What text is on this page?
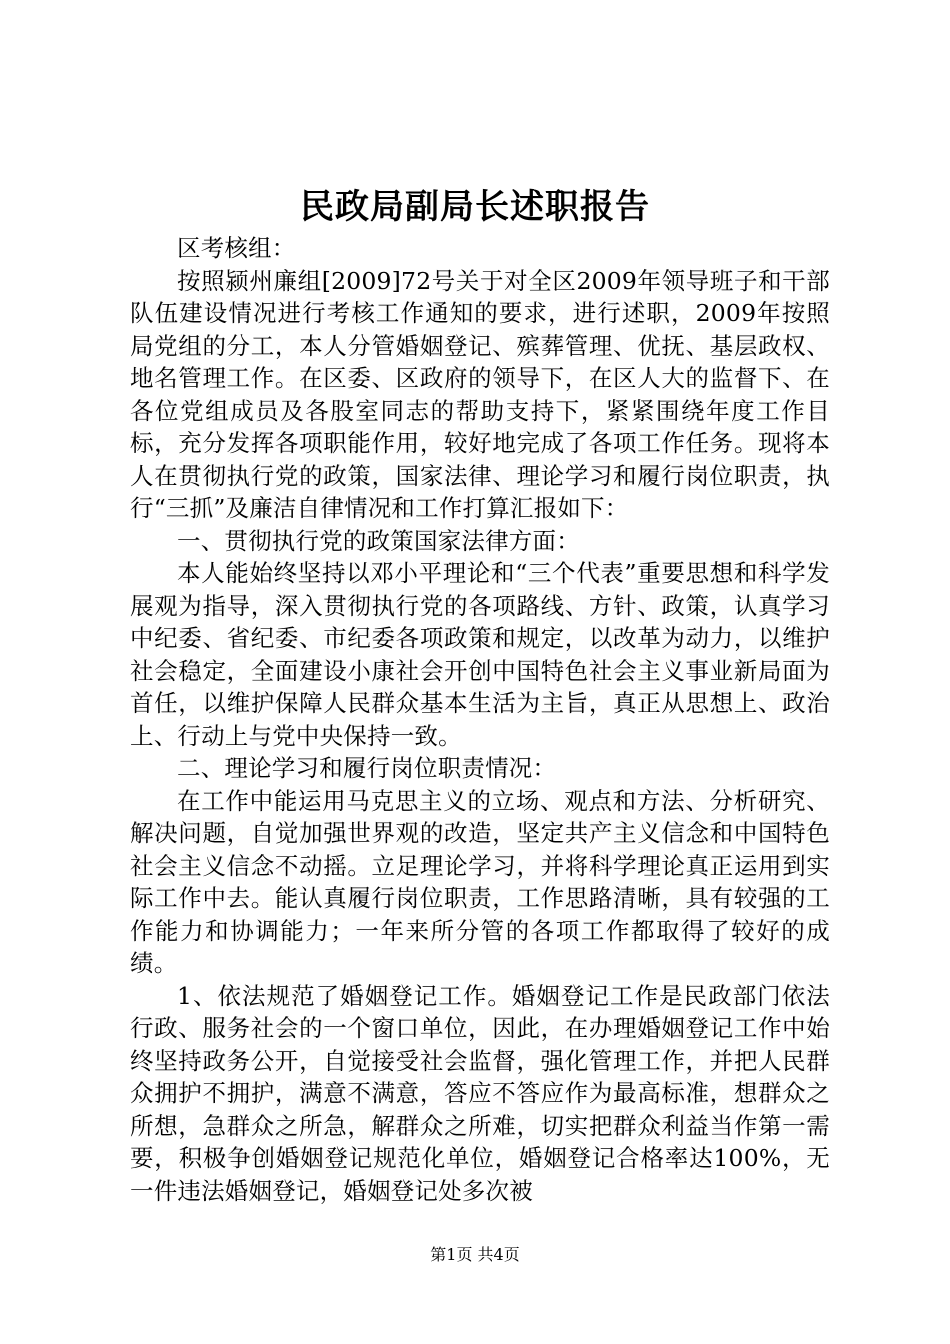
民政局副局长述职报告

区考核组：

按照颍州廉组[2009]72号关于对全区2009年领导班子和干部队伍建设情况进行考核工作通知的要求，进行述职，2009年按照局党组的分工，本人分管婚姻登记、殡葬管理、优抚、基层政权、地名管理工作。在区委、区政府的领导下，在区人大的监督下、在各位党组成员及各股室同志的帮助支持下，紧紧围绕年度工作目标，充分发挥各项职能作用，较好地完成了各项工作任务。现将本人在贯彻执行党的政策，国家法律、理论学习和履行岗位职责，执行“三抓”及廉洁自律情况和工作打算汇报如下：

一、贯彻执行党的政策国家法律方面：

本人能始终坚持以邓小平理论和“三个代表”重要思想和科学发展观为指导，深入贯彻执行党的各项路线、方针、政策，认真学习中纪委、省纪委、市纪委各项政策和规定，以改革为动力，以维护社会稳定，全面建设小康社会开创中国特色社会主义事业新局面为首任，以维护保障人民群众基本生活为主旨，真正从思想上、政治上、行动上与党中央保持一致。

二、理论学习和履行岗位职责情况：

在工作中能运用马克思主义的立场、观点和方法、分析研究、解决问题，自觉加强世界观的改造，坚定共产主义信念和中国特色社会主义信念不动摇。立足理论学习，并将科学理论真正运用到实际工作中去。能认真履行岗位职责，工作思路清晰，具有较强的工作能力和协调能力；一年来所分管的各项工作都取得了较好的成绩。

1、依法规范了婚姻登记工作。婚姻登记工作是民政部门依法行政、服务社会的一个窗口单位，因此，在办理婚姻登记工作中始终坚持政务公开，自觉接受社会监督，强化管理工作，并把人民群众拥护不拥护，满意不满意，答应不答应作为最高标准，想群众之所想，急群众之所急，解群众之所难，切实把群众利益当作第一需要，积极争创婚姻登记规范化单位，婚姻登记合格率达100%，无一件违法婚姻登记，婚姻登记处多次被

第1页 共4页
